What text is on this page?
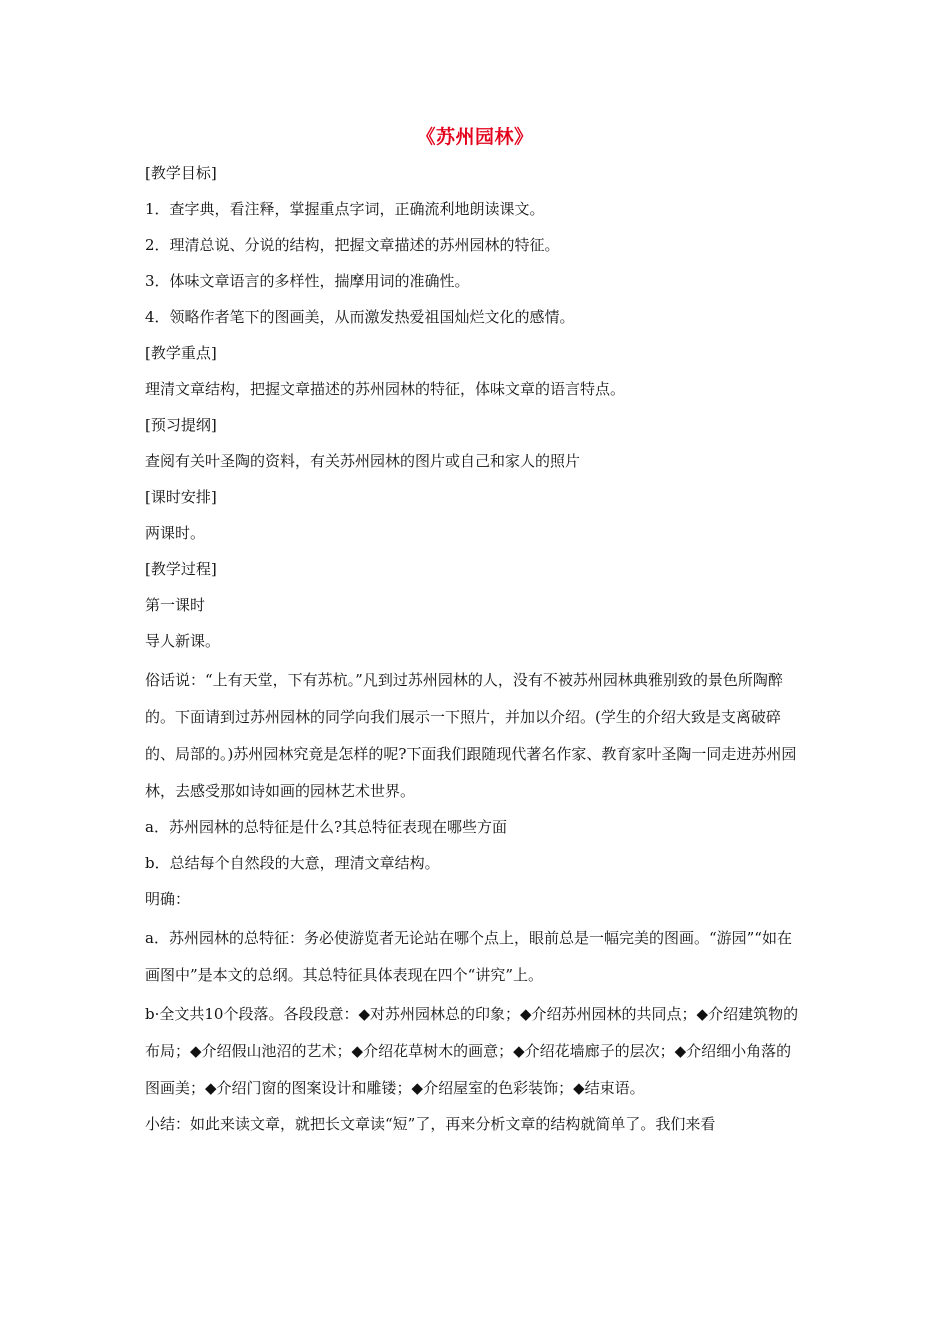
《苏州园林》

[教学目标]

1．查字典，看注释，掌握重点字词，正确流利地朗读课文。

2．理清总说、分说的结构，把握文章描述的苏州园林的特征。

3．体味文章语言的多样性，揣摩用词的准确性。

4．领略作者笔下的图画美，从而激发热爱祖国灿烂文化的感情。

[教学重点]

理清文章结构，把握文章描述的苏州园林的特征，体味文章的语言特点。

[预习提纲]

查阅有关叶圣陶的资料，有关苏州园林的图片或自己和家人的照片

[课时安排]

两课时。

[教学过程]

第一课时

导人新课。

俗话说：“上有天堂，下有苏杭。”凡到过苏州园林的人，没有不被苏州园林典雅别致的景色所陶醉的。下面请到过苏州园林的同学向我们展示一下照片，并加以介绍。(学生的介绍大致是支离破碎的、局部的。)苏州园林究竟是怎样的呢?下面我们跟随现代著名作家、教育家叶圣陶一同走进苏州园林，去感受那如诗如画的园林艺术世界。

a．苏州园林的总特征是什么?其总特征表现在哪些方面

b．总结每个自然段的大意，理清文章结构。

明确：

a．苏州园林的总特征：务必使游览者无论站在哪个点上，眼前总是一幅完美的图画。“游园”“如在画图中”是本文的总纲。其总特征具体表现在四个“讲究”上。

b·全文共10个段落。各段段意：◆对苏州园林总的印象；◆介绍苏州园林的共同点；◆介绍建筑物的布局；◆介绍假山池沼的艺术；◆介绍花草树木的画意；◆介绍花墙廊子的层次；◆介绍细小角落的图画美；◆介绍门窗的图案设计和雕镂；◆介绍屋室的色彩装饰；◆结束语。

小结：如此来读文章，就把长文章读“短”了，再来分析文章的结构就简单了。我们来看
